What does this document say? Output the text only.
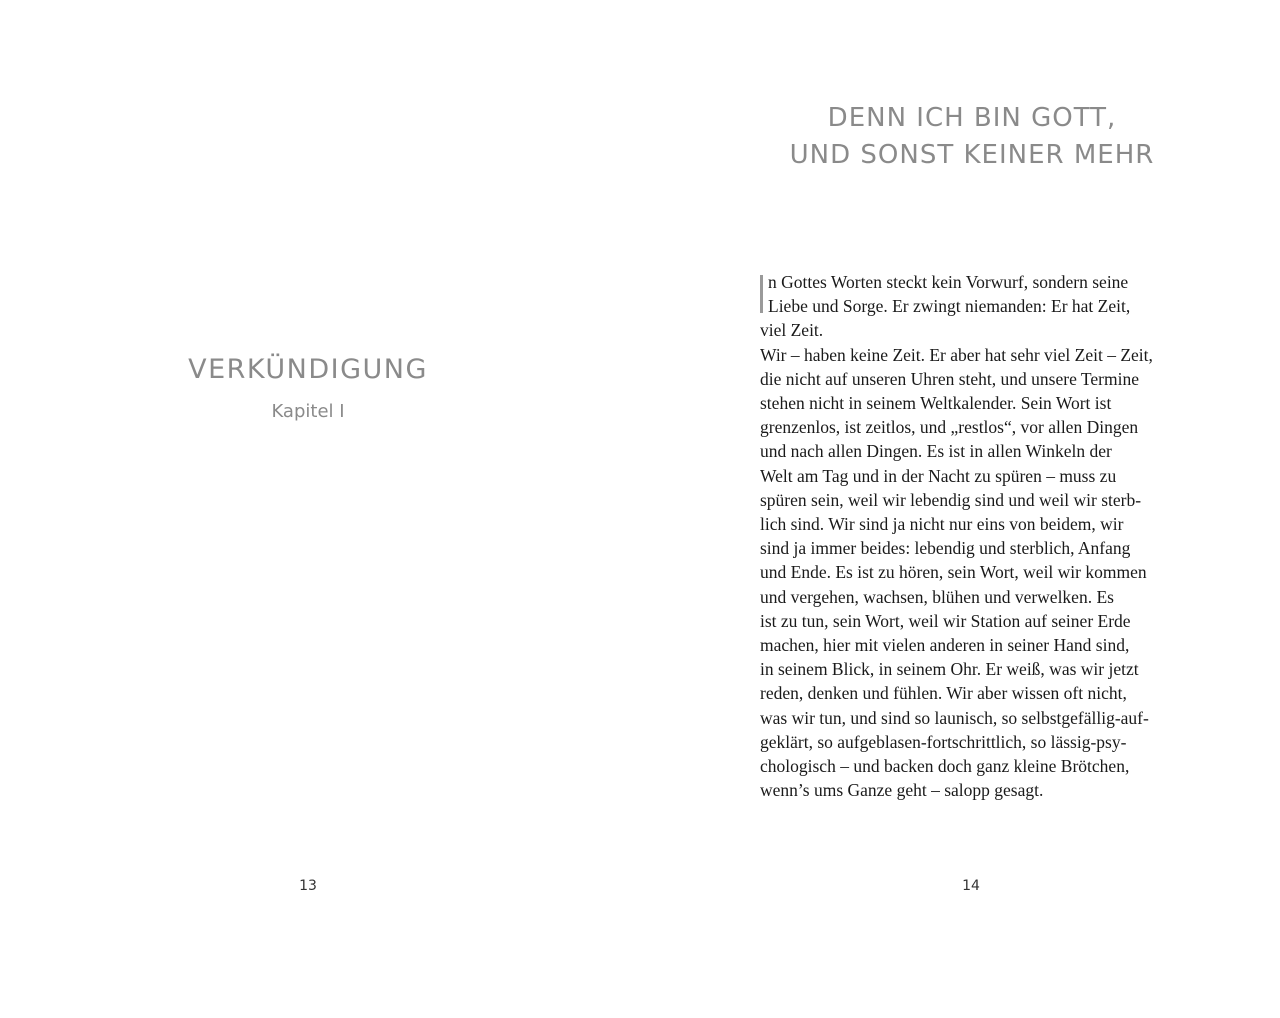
VERKÜNDIGUNG
Kapitel I
13
DENN ICH BIN GOTT,
UND SONST KEINER MEHR
n Gottes Worten steckt kein Vorwurf, sondern seine
Liebe und Sorge. Er zwingt niemanden: Er hat Zeit,
viel Zeit.
Wir – haben keine Zeit. Er aber hat sehr viel Zeit – Zeit,
die nicht auf unseren Uhren steht, und unsere Termine
stehen nicht in seinem Weltkalender. Sein Wort ist
grenzenlos, ist zeitlos, und „restlos“, vor allen Dingen
und nach allen Dingen. Es ist in allen Winkeln der
Welt am Tag und in der Nacht zu spüren – muss zu
spüren sein, weil wir lebendig sind und weil wir sterb-
lich sind. Wir sind ja nicht nur eins von beidem, wir
sind ja immer beides: lebendig und sterblich, Anfang
und Ende. Es ist zu hören, sein Wort, weil wir kommen
und vergehen, wachsen, blühen und verwelken. Es
ist zu tun, sein Wort, weil wir Station auf seiner Erde
machen, hier mit vielen anderen in seiner Hand sind,
in seinem Blick, in seinem Ohr. Er weiß, was wir jetzt
reden, denken und fühlen. Wir aber wissen oft nicht,
was wir tun, und sind so launisch, so selbstgefällig-auf-
geklärt, so aufgeblasen-fortschrittlich, so lässig-psy-
chologisch – und backen doch ganz kleine Brötchen,
wenn’s ums Ganze geht – salopp gesagt.
14
